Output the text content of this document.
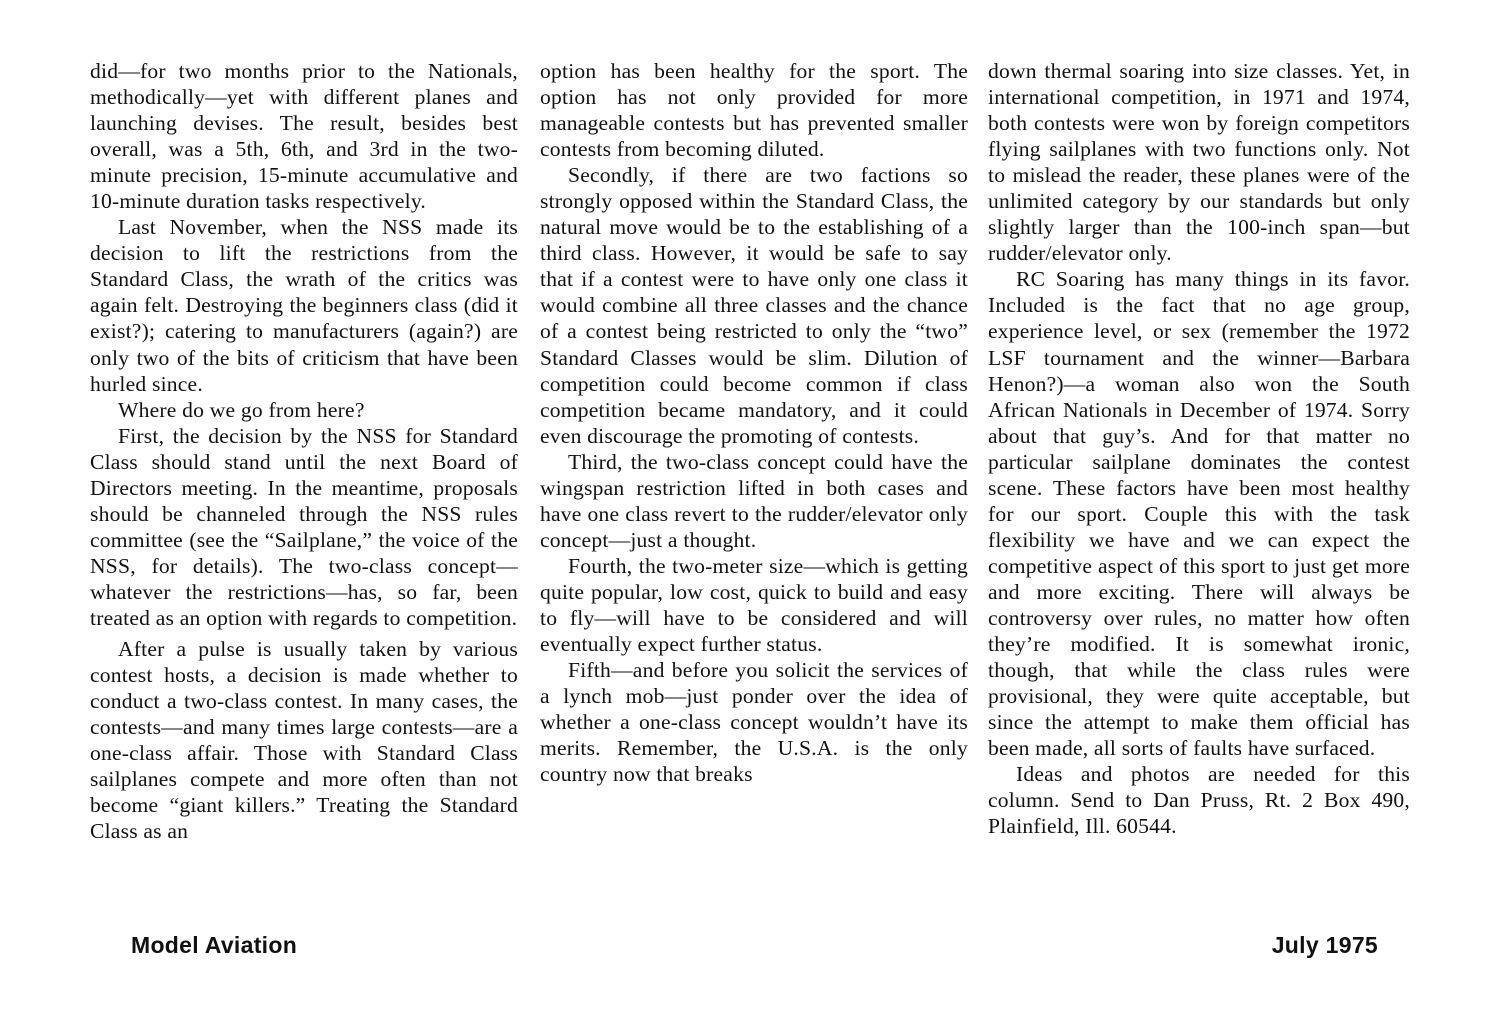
did—for two months prior to the Nationals, methodically—yet with different planes and launching devises. The result, besides best overall, was a 5th, 6th, and 3rd in the two-minute precision, 15-minute accumulative and 10-minute duration tasks respectively.

Last November, when the NSS made its decision to lift the restrictions from the Standard Class, the wrath of the critics was again felt. Destroying the beginners class (did it exist?); catering to manufacturers (again?) are only two of the bits of criticism that have been hurled since.

Where do we go from here?

First, the decision by the NSS for Standard Class should stand until the next Board of Directors meeting. In the meantime, proposals should be channeled through the NSS rules committee (see the “Sailplane,” the voice of the NSS, for details). The two-class concept—whatever the restrictions—has, so far, been treated as an option with regards to competition.

After a pulse is usually taken by various contest hosts, a decision is made whether to conduct a two-class contest. In many cases, the contests—and many times large contests—are a one-class affair. Those with Standard Class sailplanes compete and more often than not become “giant killers.” Treating the Standard Class as an

option has been healthy for the sport. The option has not only provided for more manageable contests but has prevented smaller contests from becoming diluted.

Secondly, if there are two factions so strongly opposed within the Standard Class, the natural move would be to the establishing of a third class. However, it would be safe to say that if a contest were to have only one class it would combine all three classes and the chance of a contest being restricted to only the “two” Standard Classes would be slim. Dilution of competition could become common if class competition became mandatory, and it could even discourage the promoting of contests.

Third, the two-class concept could have the wingspan restriction lifted in both cases and have one class revert to the rudder/elevator only concept—just a thought.

Fourth, the two-meter size—which is getting quite popular, low cost, quick to build and easy to fly—will have to be considered and will eventually expect further status.

Fifth—and before you solicit the services of a lynch mob—just ponder over the idea of whether a one-class concept wouldn’t have its merits. Remember, the U.S.A. is the only country now that breaks

down thermal soaring into size classes. Yet, in international competition, in 1971 and 1974, both contests were won by foreign competitors flying sailplanes with two functions only. Not to mislead the reader, these planes were of the unlimited category by our standards but only slightly larger than the 100-inch span—but rudder/elevator only.

RC Soaring has many things in its favor. Included is the fact that no age group, experience level, or sex (remember the 1972 LSF tournament and the winner—Barbara Henon?)—a woman also won the South African Nationals in December of 1974. Sorry about that guy’s. And for that matter no particular sailplane dominates the contest scene. These factors have been most healthy for our sport. Couple this with the task flexibility we have and we can expect the competitive aspect of this sport to just get more and more exciting. There will always be controversy over rules, no matter how often they’re modified. It is somewhat ironic, though, that while the class rules were provisional, they were quite acceptable, but since the attempt to make them official has been made, all sorts of faults have surfaced.

Ideas and photos are needed for this column. Send to Dan Pruss, Rt. 2 Box 490, Plainfield, Ill. 60544.

Model Aviation	July 1975
